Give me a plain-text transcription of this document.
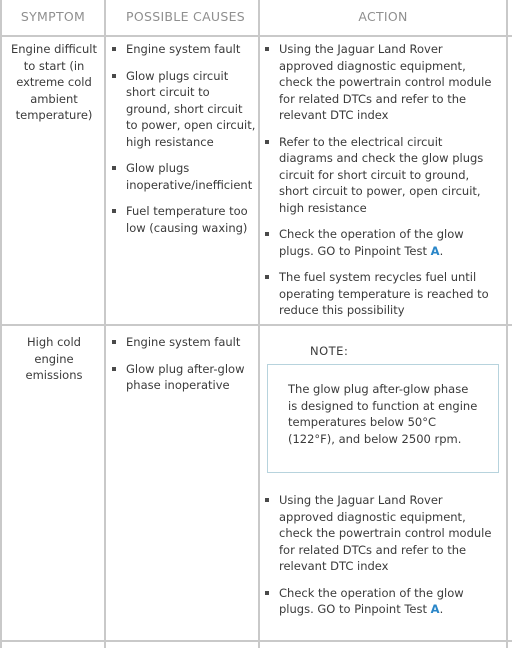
SYMPTOM	POSSIBLE CAUSES	ACTION
Engine difficult to start (in extreme cold ambient temperature)

Engine system fault

Glow plugs circuit short circuit to ground, short circuit to power, open circuit, high resistance

Glow plugs inoperative/inefficient

Fuel temperature too low (causing waxing)

Using the Jaguar Land Rover approved diagnostic equipment, check the powertrain control module for related DTCs and refer to the relevant DTC index

Refer to the electrical circuit diagrams and check the glow plugs circuit for short circuit to ground, short circuit to power, open circuit, high resistance

Check the operation of the glow plugs. GO to Pinpoint Test A.

The fuel system recycles fuel until operating temperature is reached to reduce this possibility

High cold engine emissions

Engine system fault

Glow plug after-glow phase inoperative

NOTE:
The glow plug after-glow phase is designed to function at engine temperatures below 50°C (122°F), and below 2500 rpm.

Using the Jaguar Land Rover approved diagnostic equipment, check the powertrain control module for related DTCs and refer to the relevant DTC index

Check the operation of the glow plugs. GO to Pinpoint Test A.
